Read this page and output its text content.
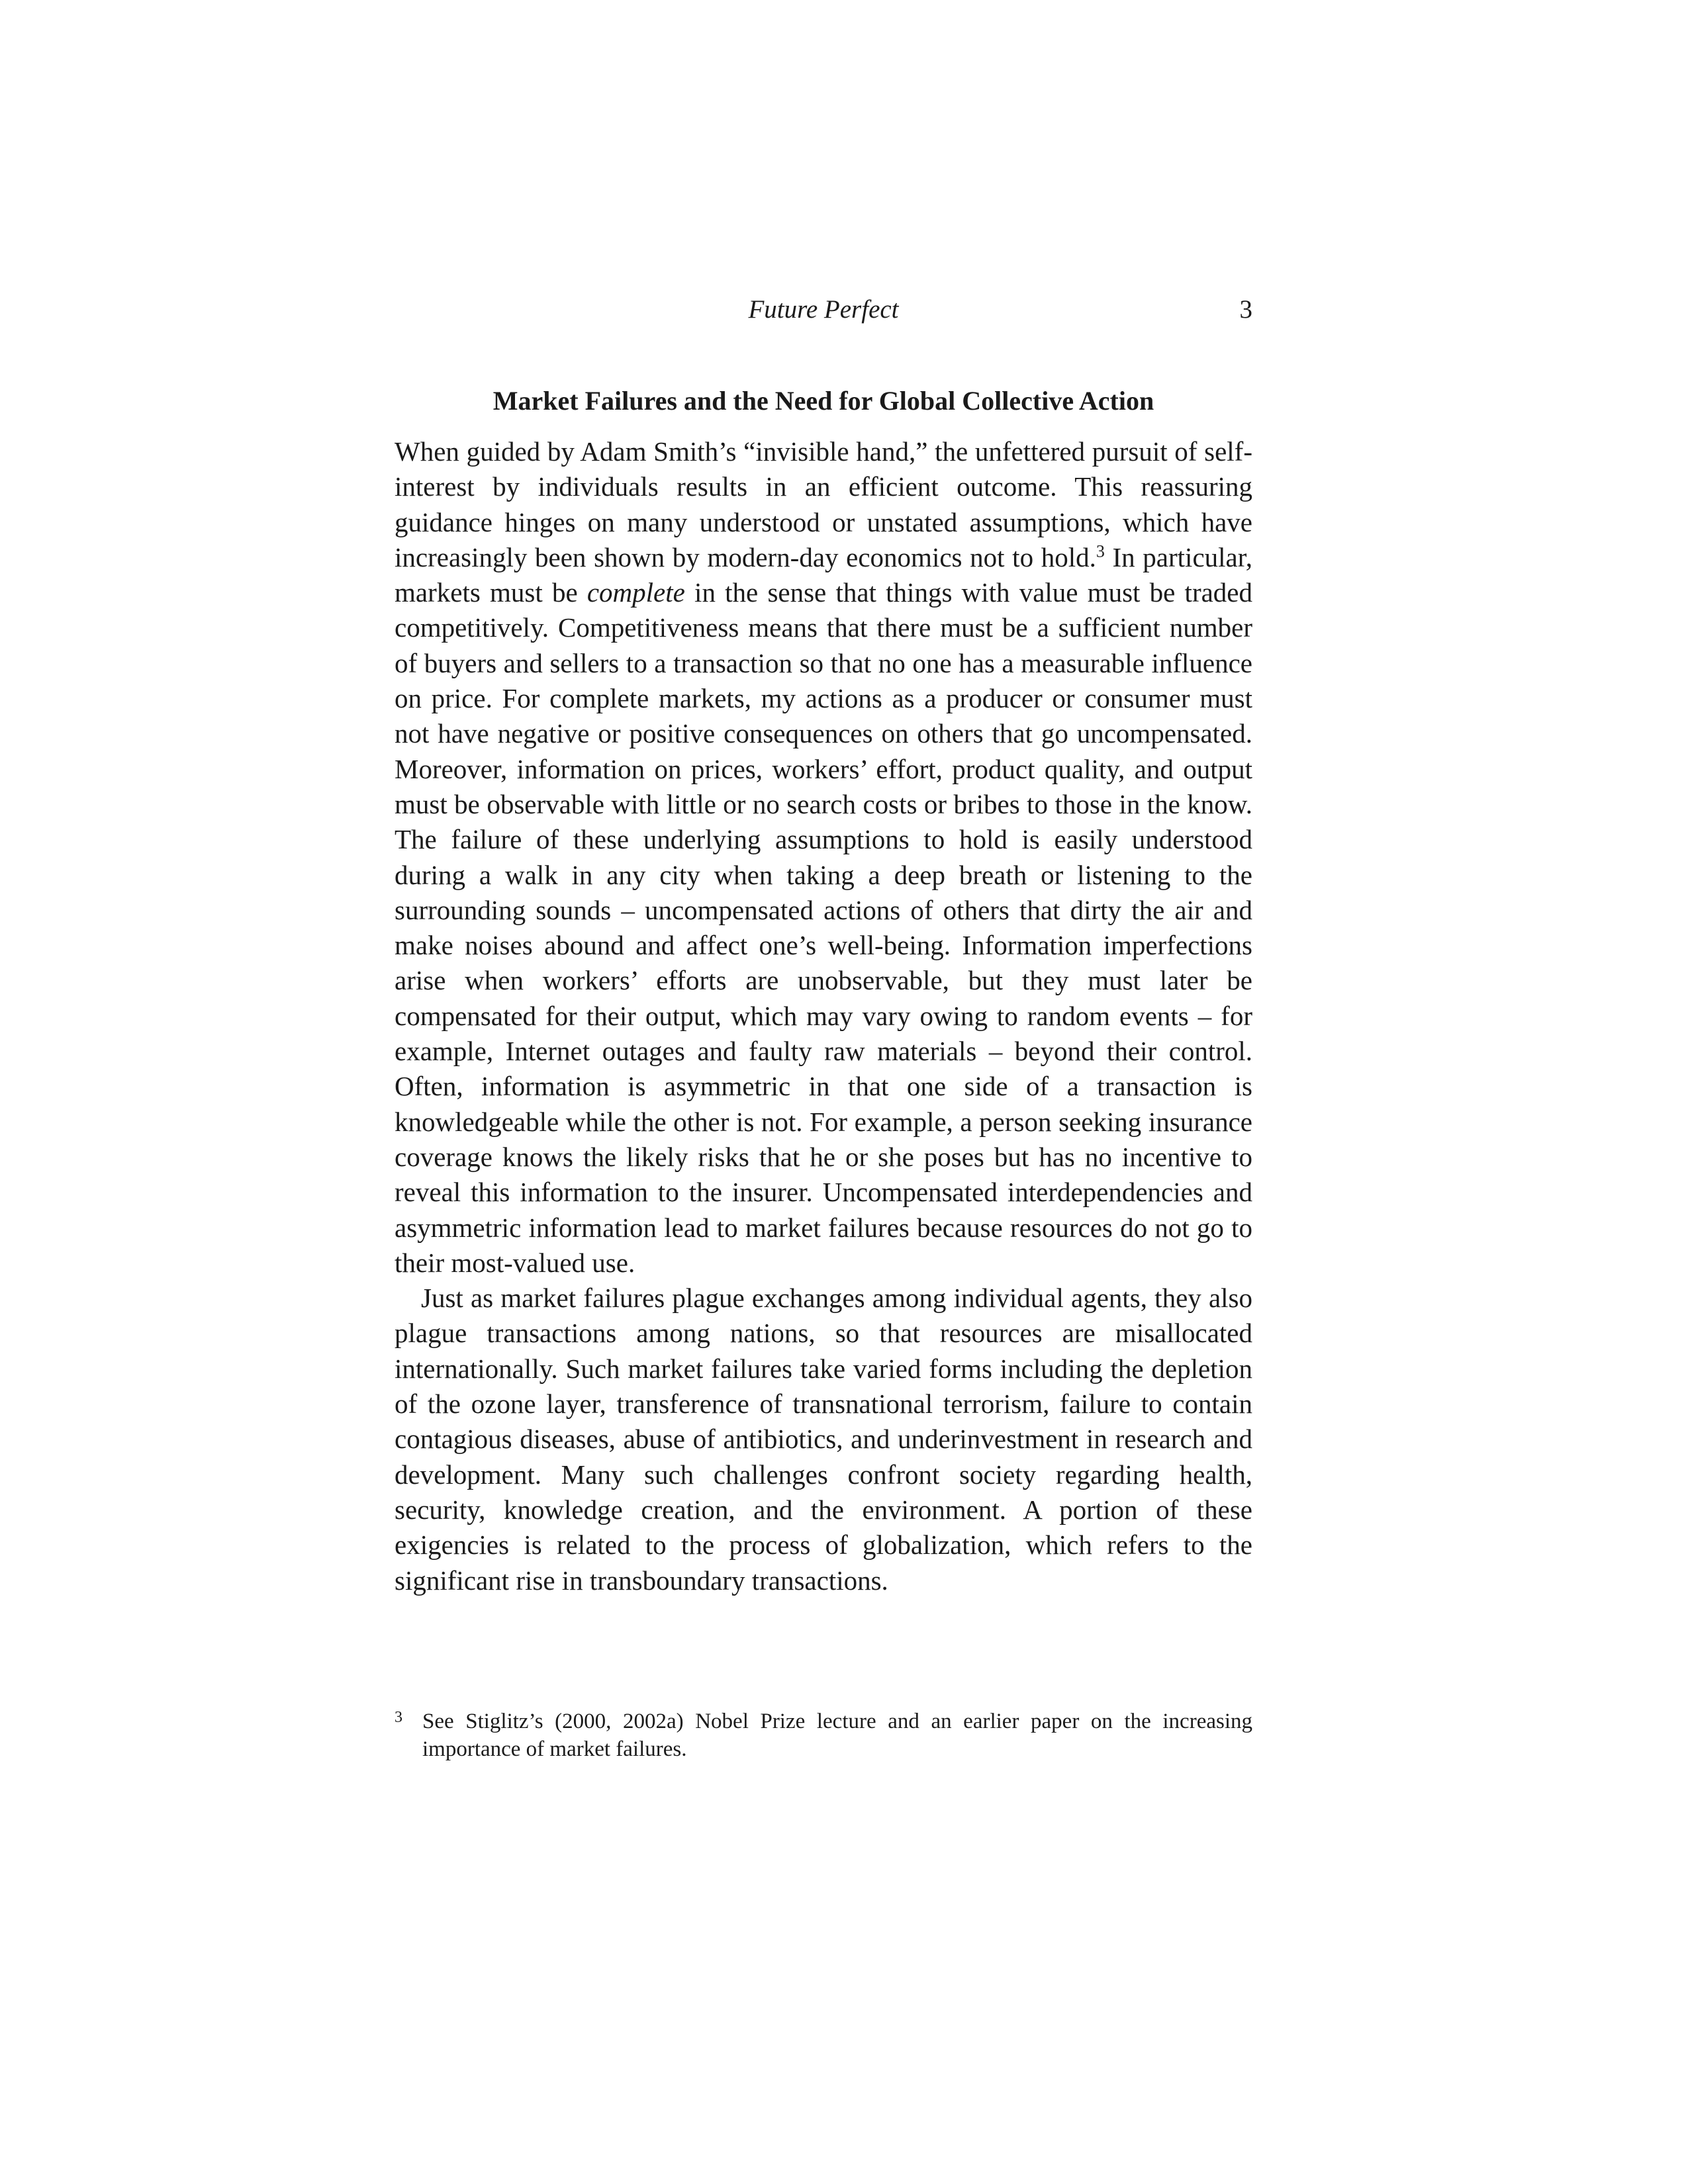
Future Perfect	3
Market Failures and the Need for Global Collective Action

When guided by Adam Smith’s “invisible hand,” the unfettered pursuit of self-interest by individuals results in an efficient outcome. This reassuring guidance hinges on many understood or unstated assumptions, which have increasingly been shown by modern-day economics not to hold.$^3$ In particular, markets must be complete in the sense that things with value must be traded competitively. Competitiveness means that there must be a sufficient number of buyers and sellers to a transaction so that no one has a measurable influence on price. For complete markets, my actions as a producer or consumer must not have negative or positive consequences on others that go uncompensated. Moreover, information on prices, workers’ effort, product quality, and output must be observable with little or no search costs or bribes to those in the know. The failure of these underlying assumptions to hold is easily understood during a walk in any city when taking a deep breath or listening to the surrounding sounds – uncompensated actions of others that dirty the air and make noises abound and affect one’s well-being. Information imperfections arise when workers’ efforts are unobservable, but they must later be compensated for their output, which may vary owing to random events – for example, Internet outages and faulty raw materials – beyond their control. Often, information is asymmetric in that one side of a transaction is knowledgeable while the other is not. For example, a person seeking insurance coverage knows the likely risks that he or she poses but has no incentive to reveal this information to the insurer. Uncompensated interdependencies and asymmetric information lead to market failures because resources do not go to their most-valued use.

Just as market failures plague exchanges among individual agents, they also plague transactions among nations, so that resources are misallocated internationally. Such market failures take varied forms including the depletion of the ozone layer, transference of transnational terrorism, failure to contain contagious diseases, abuse of antibiotics, and underinvestment in research and development. Many such challenges confront society regarding health, security, knowledge creation, and the environment. A portion of these exigencies is related to the process of globalization, which refers to the significant rise in transboundary transactions.

3 See Stiglitz’s (2000, 2002a) Nobel Prize lecture and an earlier paper on the increasing importance of market failures.
